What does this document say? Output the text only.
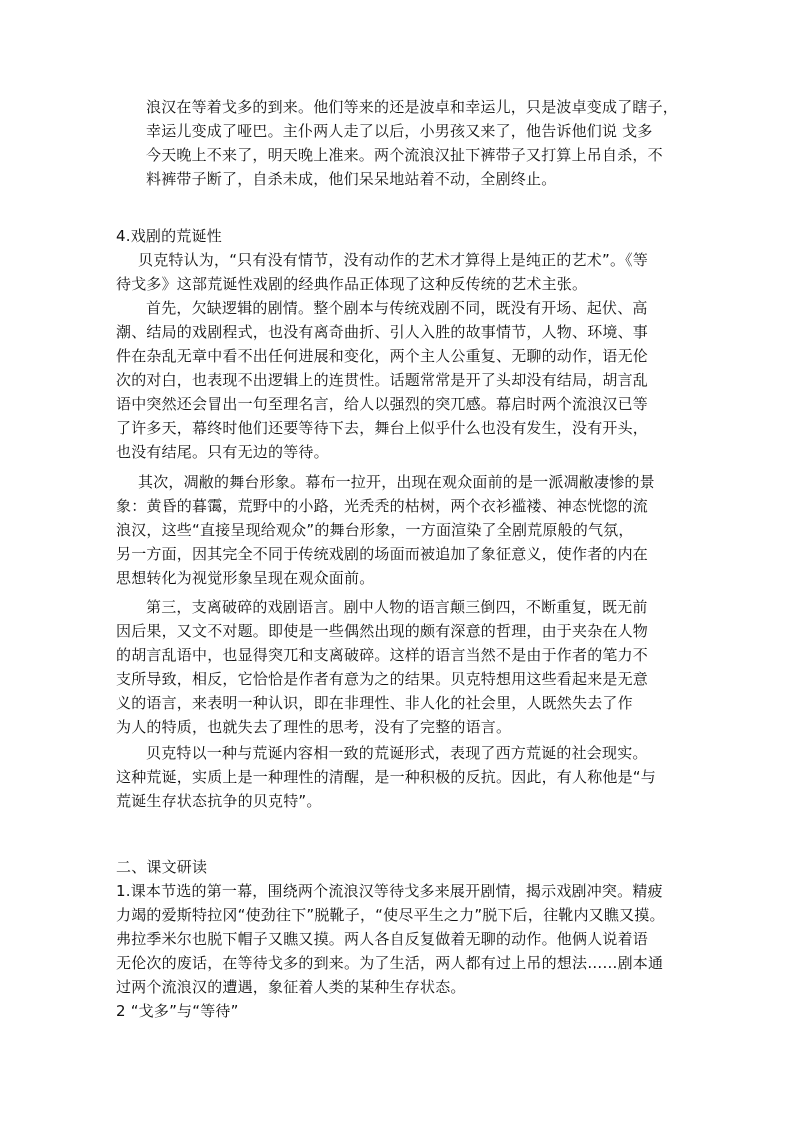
浪汉在等着戈多的到来。他们等来的还是波卓和幸运儿，只是波卓变成了瞎子，
幸运儿变成了哑巴。主仆两人走了以后，小男孩又来了，他告诉他们说 戈多
今天晚上不来了，明天晚上准来。两个流浪汉扯下裤带子又打算上吊自杀，不
料裤带子断了，自杀未成，他们呆呆地站着不动，全剧终止。
4.戏剧的荒诞性
贝克特认为，“只有没有情节，没有动作的艺术才算得上是纯正的艺术”。《等
待戈多》这部荒诞性戏剧的经典作品正体现了这种反传统的艺术主张。
首先，欠缺逻辑的剧情。整个剧本与传统戏剧不同，既没有开场、起伏、高
潮、结局的戏剧程式，也没有离奇曲折、引人入胜的故事情节，人物、环境、事
件在杂乱无章中看不出任何进展和变化，两个主人公重复、无聊的动作，语无伦
次的对白，也表现不出逻辑上的连贯性。话题常常是开了头却没有结局，胡言乱
语中突然还会冒出一句至理名言，给人以强烈的突兀感。幕启时两个流浪汉已等
了许多天，幕终时他们还要等待下去，舞台上似乎什么也没有发生，没有开头，
也没有结尾。只有无边的等待。
其次，凋敝的舞台形象。幕布一拉开，出现在观众面前的是一派凋敝凄惨的景
象：黄昏的暮霭，荒野中的小路，光秃秃的枯树，两个衣衫褴褛、神态恍惚的流
浪汉，这些“直接呈现给观众”的舞台形象，一方面渲染了全剧荒原般的气氛，
另一方面，因其完全不同于传统戏剧的场面而被追加了象征意义，使作者的内在
思想转化为视觉形象呈现在观众面前。
第三，支离破碎的戏剧语言。剧中人物的语言颠三倒四，不断重复，既无前
因后果，又文不对题。即使是一些偶然出现的颇有深意的哲理，由于夹杂在人物
的胡言乱语中，也显得突兀和支离破碎。这样的语言当然不是由于作者的笔力不
支所导致，相反，它恰恰是作者有意为之的结果。贝克特想用这些看起来是无意
义的语言，来表明一种认识，即在非理性、非人化的社会里，人既然失去了作
为人的特质，也就失去了理性的思考，没有了完整的语言。
贝克特以一种与荒诞内容相一致的荒诞形式，表现了西方荒诞的社会现实。
这种荒诞，实质上是一种理性的清醒，是一种积极的反抗。因此，有人称他是“与
荒诞生存状态抗争的贝克特”。
二、课文研读
1.课本节选的第一幕，围绕两个流浪汉等待戈多来展开剧情，揭示戏剧冲突。精疲
力竭的爱斯特拉冈“使劲往下”脱靴子，“使尽平生之力”脱下后，往靴内又瞧又摸。
弗拉季米尔也脱下帽子又瞧又摸。两人各自反复做着无聊的动作。他俩人说着语
无伦次的废话，在等待戈多的到来。为了生活，两人都有过上吊的想法……剧本通
过两个流浪汉的遭遇，象征着人类的某种生存状态。
2 “戈多”与“等待”
